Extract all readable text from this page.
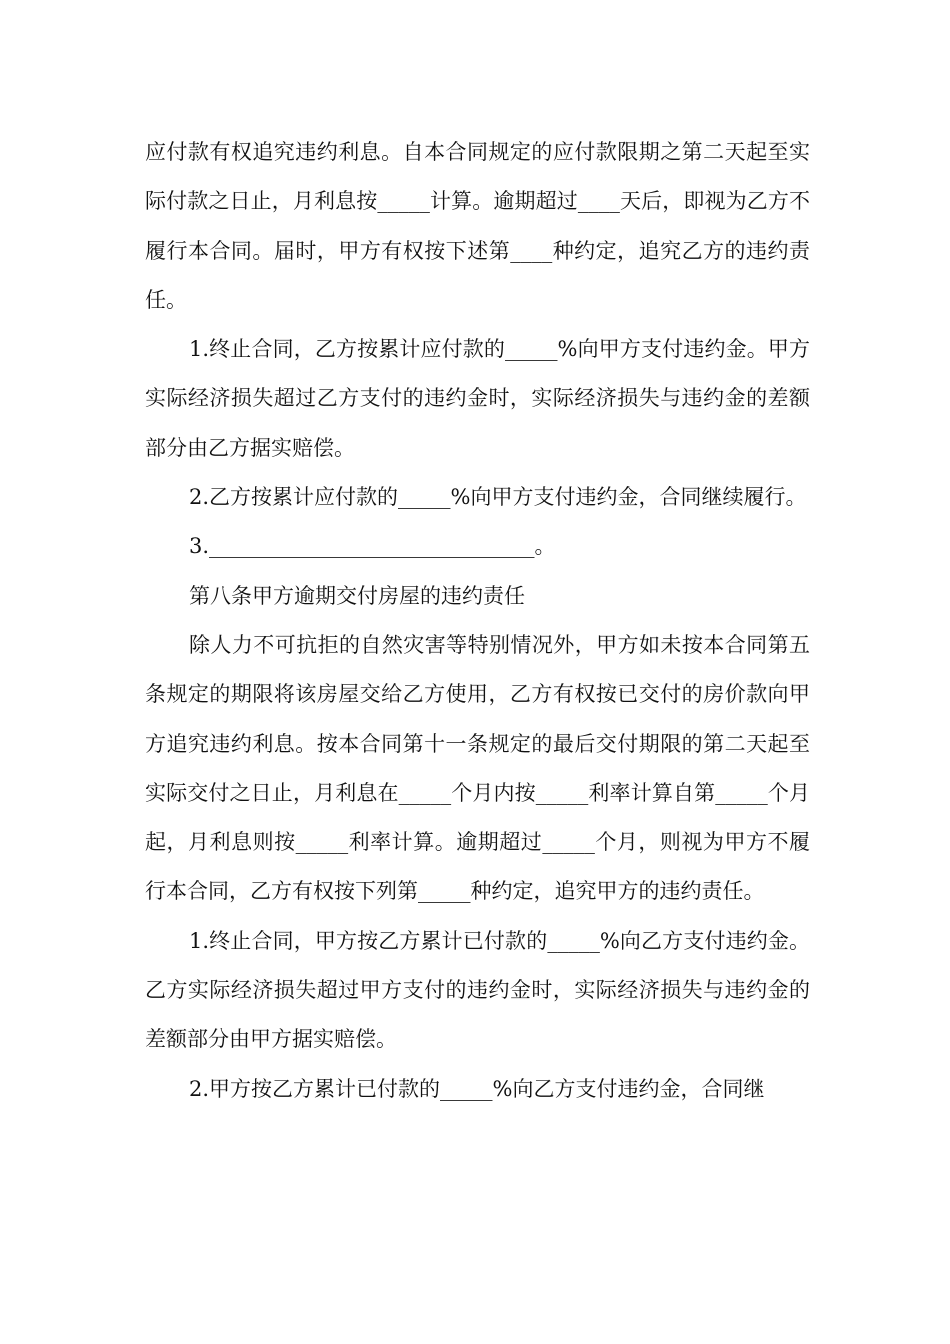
应付款有权追究违约利息。自本合同规定的应付款限期之第二天起至实际付款之日止，月利息按_____计算。逾期超过____天后，即视为乙方不履行本合同。届时，甲方有权按下述第____种约定，追究乙方的违约责任。

1.终止合同，乙方按累计应付款的_____%向甲方支付违约金。甲方实际经济损失超过乙方支付的违约金时，实际经济损失与违约金的差额部分由乙方据实赔偿。

2.乙方按累计应付款的_____%向甲方支付违约金，合同继续履行。

3._______________________________。

第八条甲方逾期交付房屋的违约责任

除人力不可抗拒的自然灾害等特别情况外，甲方如未按本合同第五条规定的期限将该房屋交给乙方使用，乙方有权按已交付的房价款向甲方追究违约利息。按本合同第十一条规定的最后交付期限的第二天起至实际交付之日止，月利息在_____个月内按_____利率计算自第_____个月起，月利息则按_____利率计算。逾期超过_____个月，则视为甲方不履行本合同，乙方有权按下列第_____种约定，追究甲方的违约责任。

1.终止合同，甲方按乙方累计已付款的_____%向乙方支付违约金。乙方实际经济损失超过甲方支付的违约金时，实际经济损失与违约金的差额部分由甲方据实赔偿。

2.甲方按乙方累计已付款的_____%向乙方支付违约金，合同继
